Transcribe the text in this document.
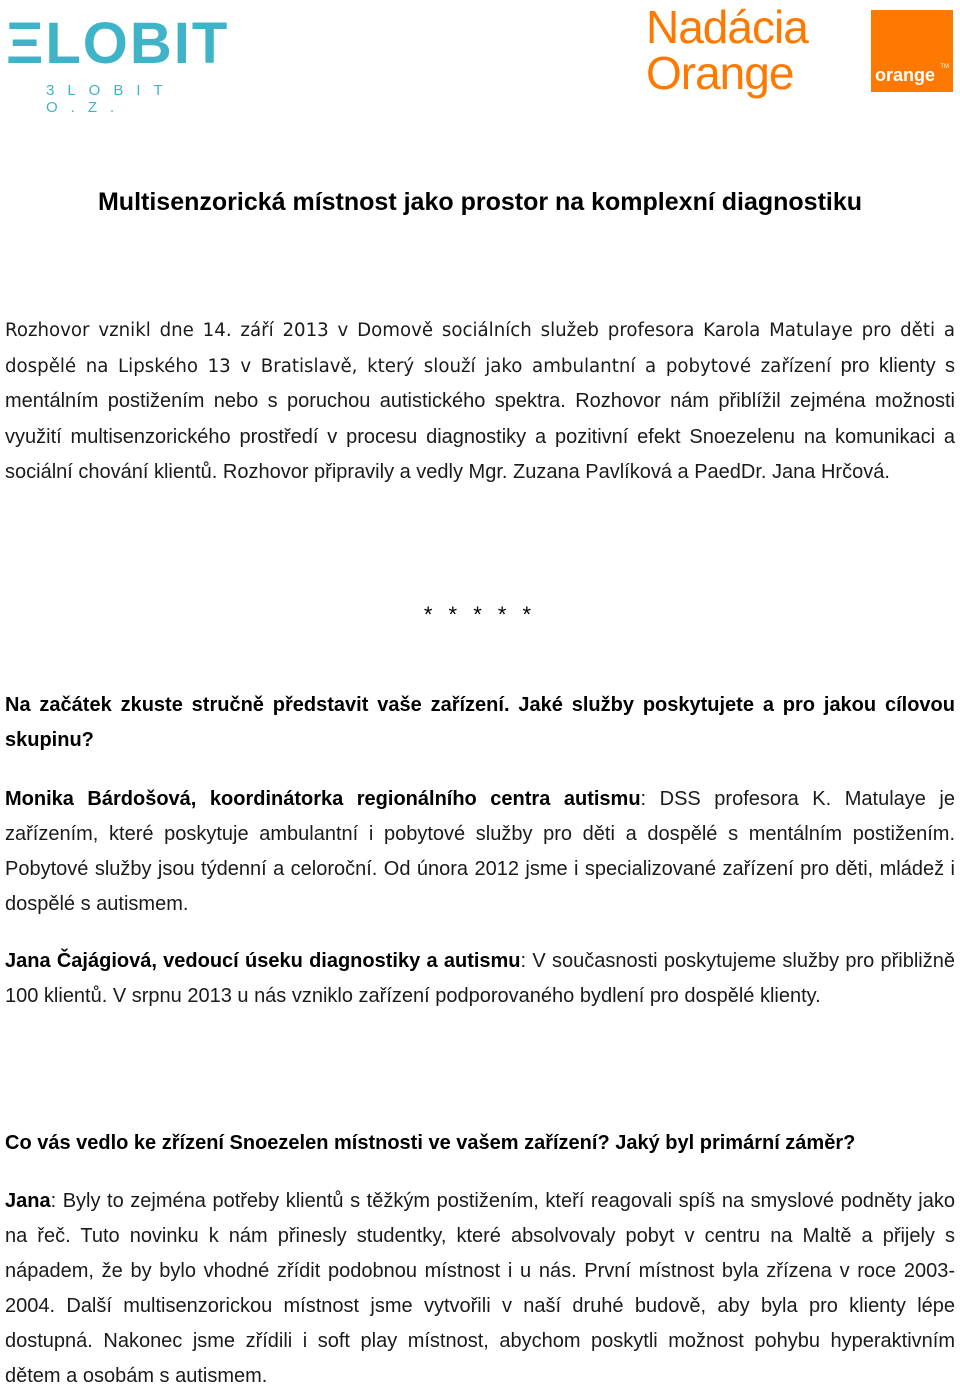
ΞLΟBIT
3LOBIT O.Z.
Nadácia
Orange	TM
orange
Multisenzorická místnost jako prostor na komplexní diagnostiku

Rozhovor vznikl dne 14. září 2013 v Domově sociálních služeb profesora Karola Matulaye pro děti a dospělé na Lipského 13 v Bratislavě, který slouží jako ambulantní a pobytové zařízení pro klienty s mentálním postižením nebo s poruchou autistického spektra. Rozhovor nám přiblížil zejména možnosti využití multisenzorického prostředí v procesu diagnostiky a pozitivní efekt Snoezelenu na komunikaci a sociální chování klientů. Rozhovor připravily a vedly Mgr. Zuzana Pavlíková a PaedDr. Jana Hrčová.

* * * * *

Na začátek zkuste stručně představit vaše zařízení. Jaké služby poskytujete a pro jakou cílovou skupinu?

Monika Bárdošová, koordinátorka regionálního centra autismu: DSS profesora K. Matulaye je zařízením, které poskytuje ambulantní i pobytové služby pro děti a dospělé s mentálním postižením. Pobytové služby jsou týdenní a celoroční. Od února 2012 jsme i specializované zařízení pro děti, mládež i dospělé s autismem.

Jana Čajágiová, vedoucí úseku diagnostiky a autismu: V současnosti poskytujeme služby pro přibližně 100 klientů. V srpnu 2013 u nás vzniklo zařízení podporovaného bydlení pro dospělé klienty.

Co vás vedlo ke zřízení Snoezelen místnosti ve vašem zařízení? Jaký byl primární záměr?

Jana: Byly to zejména potřeby klientů s těžkým postižením, kteří reagovali spíš na smyslové podněty jako na řeč. Tuto novinku k nám přinesly studentky, které absolvovaly pobyt v centru na Maltě a přijely s nápadem, že by bylo vhodné zřídit podobnou místnost i u nás. První místnost byla zřízena v roce 2003-2004. Další multisenzorickou místnost jsme vytvořili v naší druhé budově, aby byla pro klienty lépe dostupná. Nakonec jsme zřídili i soft play místnost, abychom poskytli možnost pohybu hyperaktivním dětem a osobám s autismem.
